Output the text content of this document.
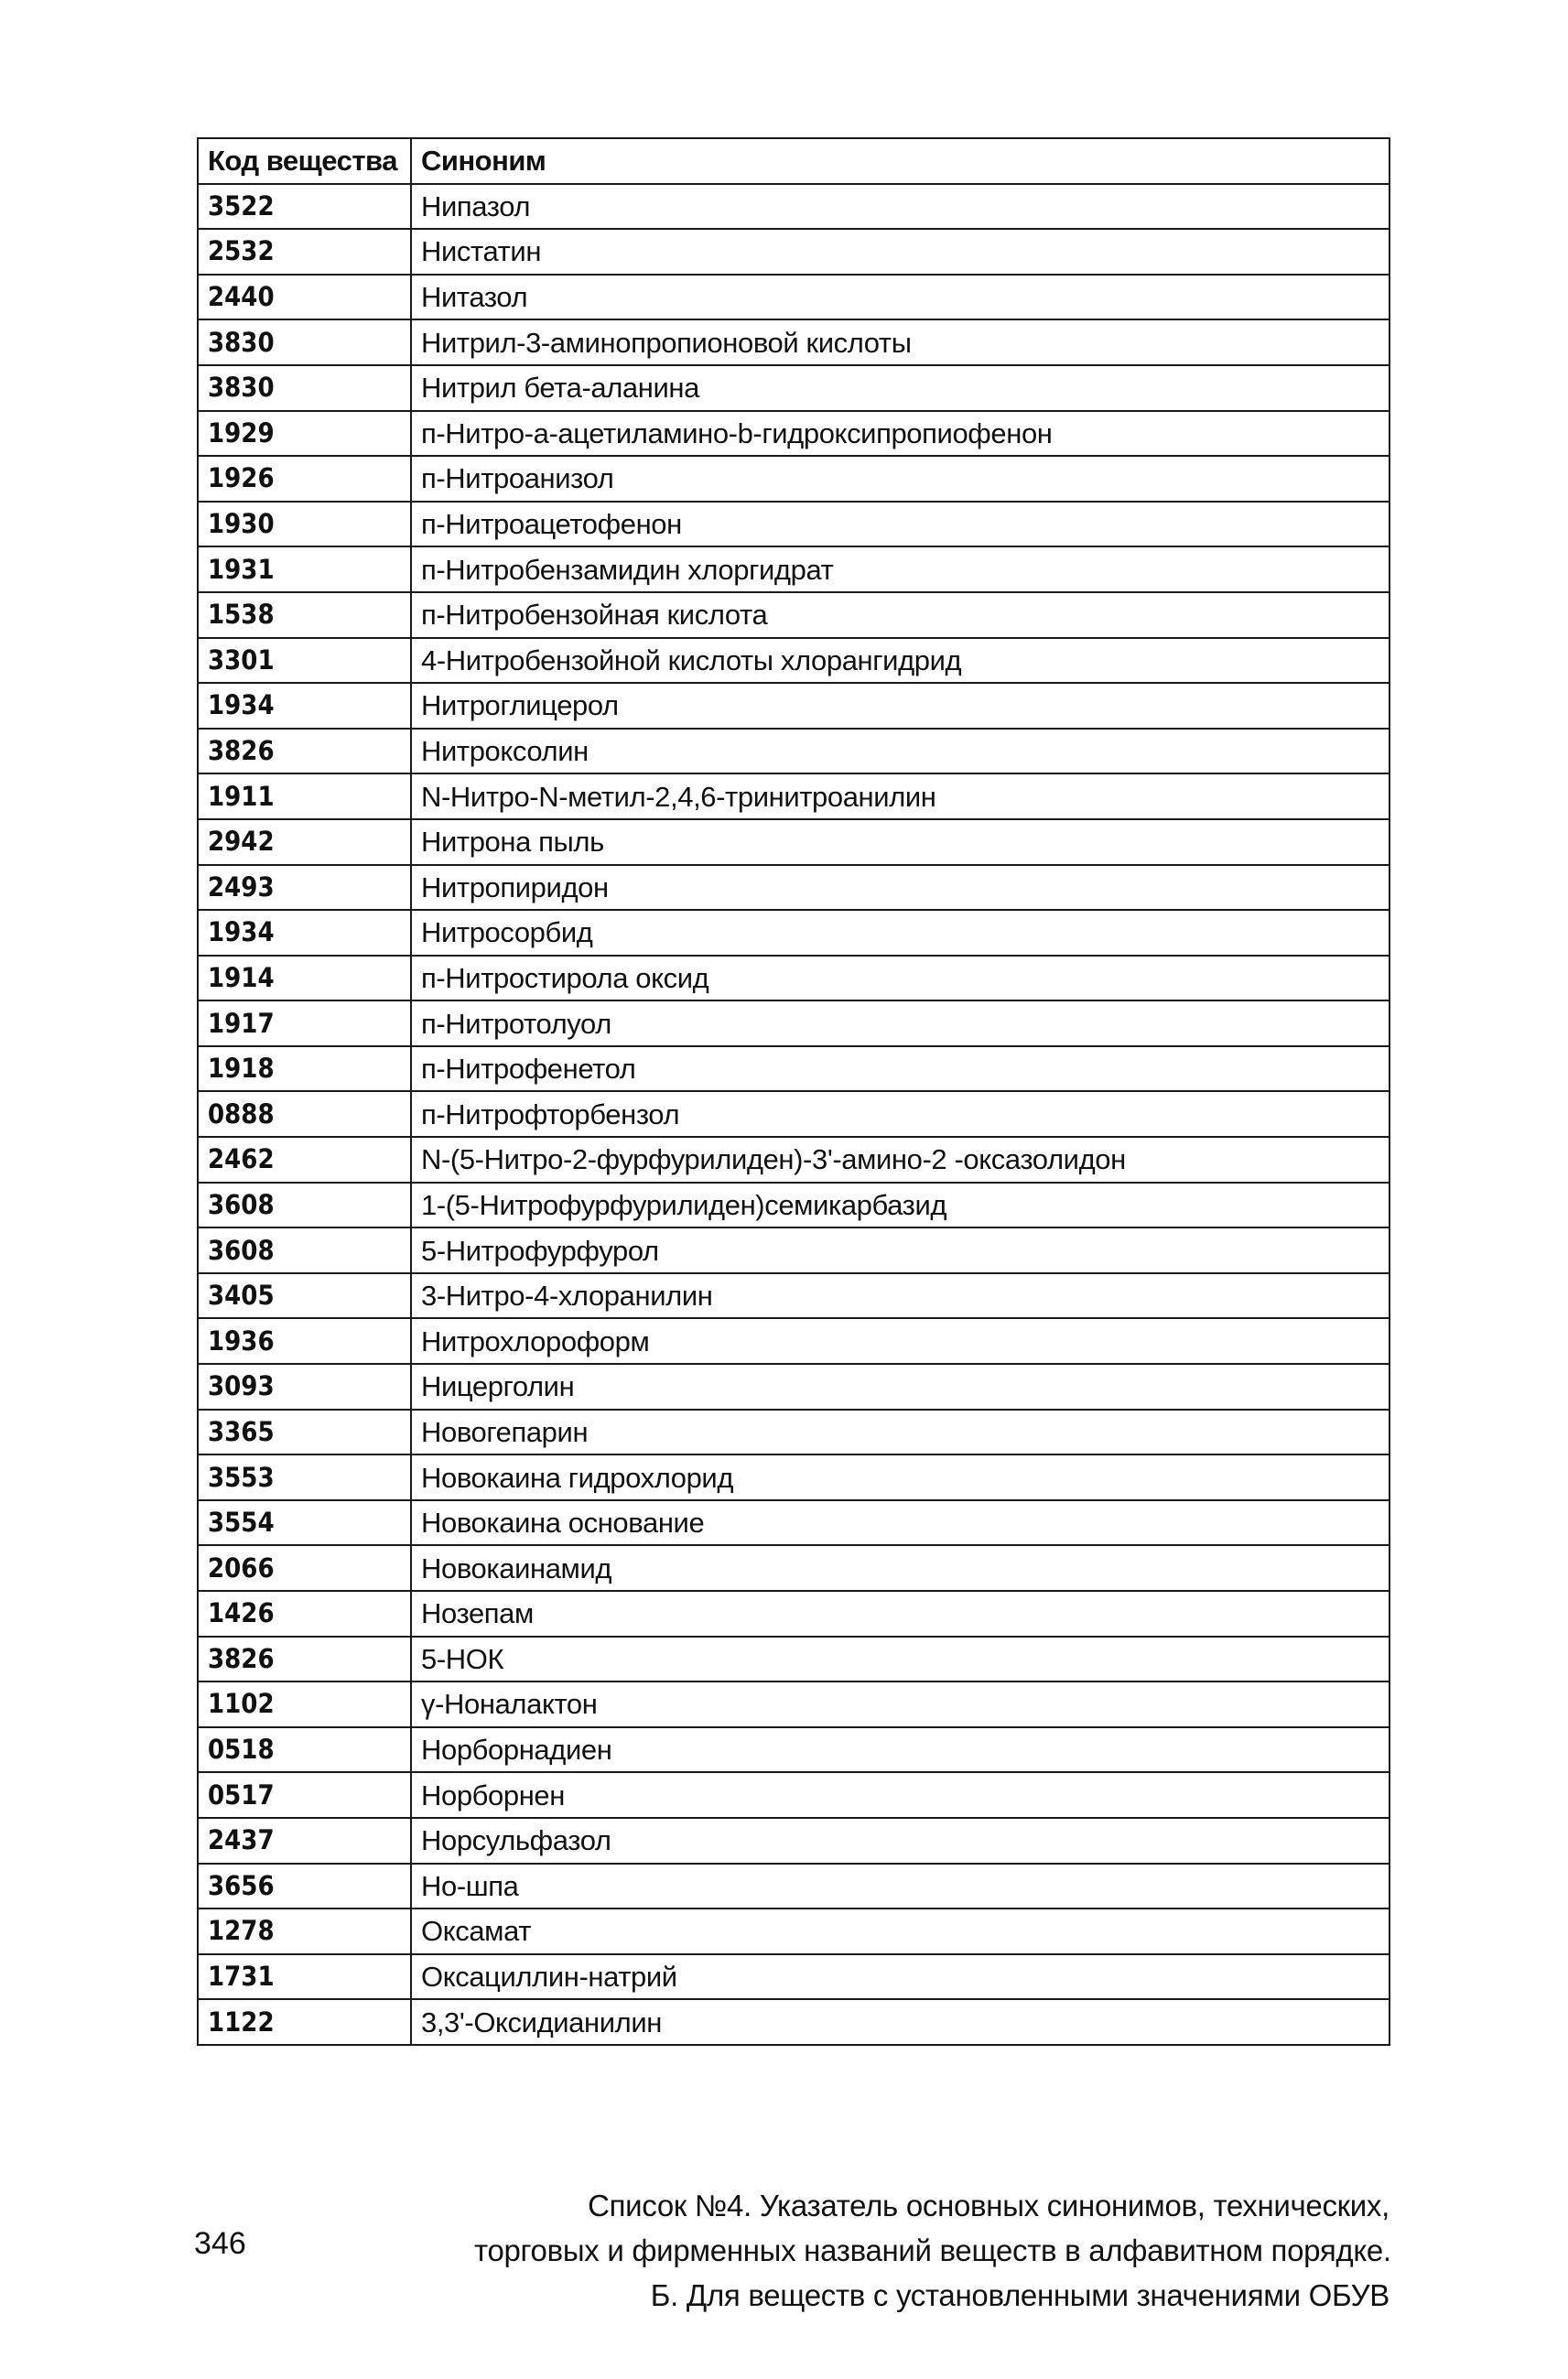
Код вещества	Синоним
3522	Нипазол
2532	Нистатин
2440	Нитазол
3830	Нитрил-3-аминопропионовой кислоты
3830	Нитрил бета-аланина
1929	п-Нитро-а-ацетиламино-b-гидроксипропиофенон
1926	п-Нитроанизол
1930	п-Нитроацетофенон
1931	п-Нитробензамидин хлоргидрат
1538	п-Нитробензойная кислота
3301	4-Нитробензойной кислоты хлорангидрид
1934	Нитроглицерол
3826	Нитроксолин
1911	N-Нитро-N-метил-2,4,6-тринитроанилин
2942	Нитрона пыль
2493	Нитропиридон
1934	Нитросорбид
1914	п-Нитростирола оксид
1917	п-Нитротолуол
1918	п-Нитрофенетол
0888	п-Нитрофторбензол
2462	N-(5-Нитро-2-фурфурилиден)-3'-амино-2 -оксазолидон
3608	1-(5-Нитрофурфурилиден)семикарбазид
3608	5-Нитрофурфурол
3405	3-Нитро-4-хлоранилин
1936	Нитрохлороформ
3093	Ницерголин
3365	Новогепарин
3553	Новокаина гидрохлорид
3554	Новокаина основание
2066	Новокаинамид
1426	Нозепам
3826	5-НОК
1102	γ-Ноналактон
0518	Норборнадиен
0517	Норборнен
2437	Норсульфазол
3656	Но-шпа
1278	Оксамат
1731	Оксациллин-натрий
1122	3,3'-Оксидианилин
346
Список №4. Указатель основных синонимов, технических,
торговых и фирменных названий веществ в алфавитном порядке.
Б. Для веществ с установленными значениями ОБУВ
